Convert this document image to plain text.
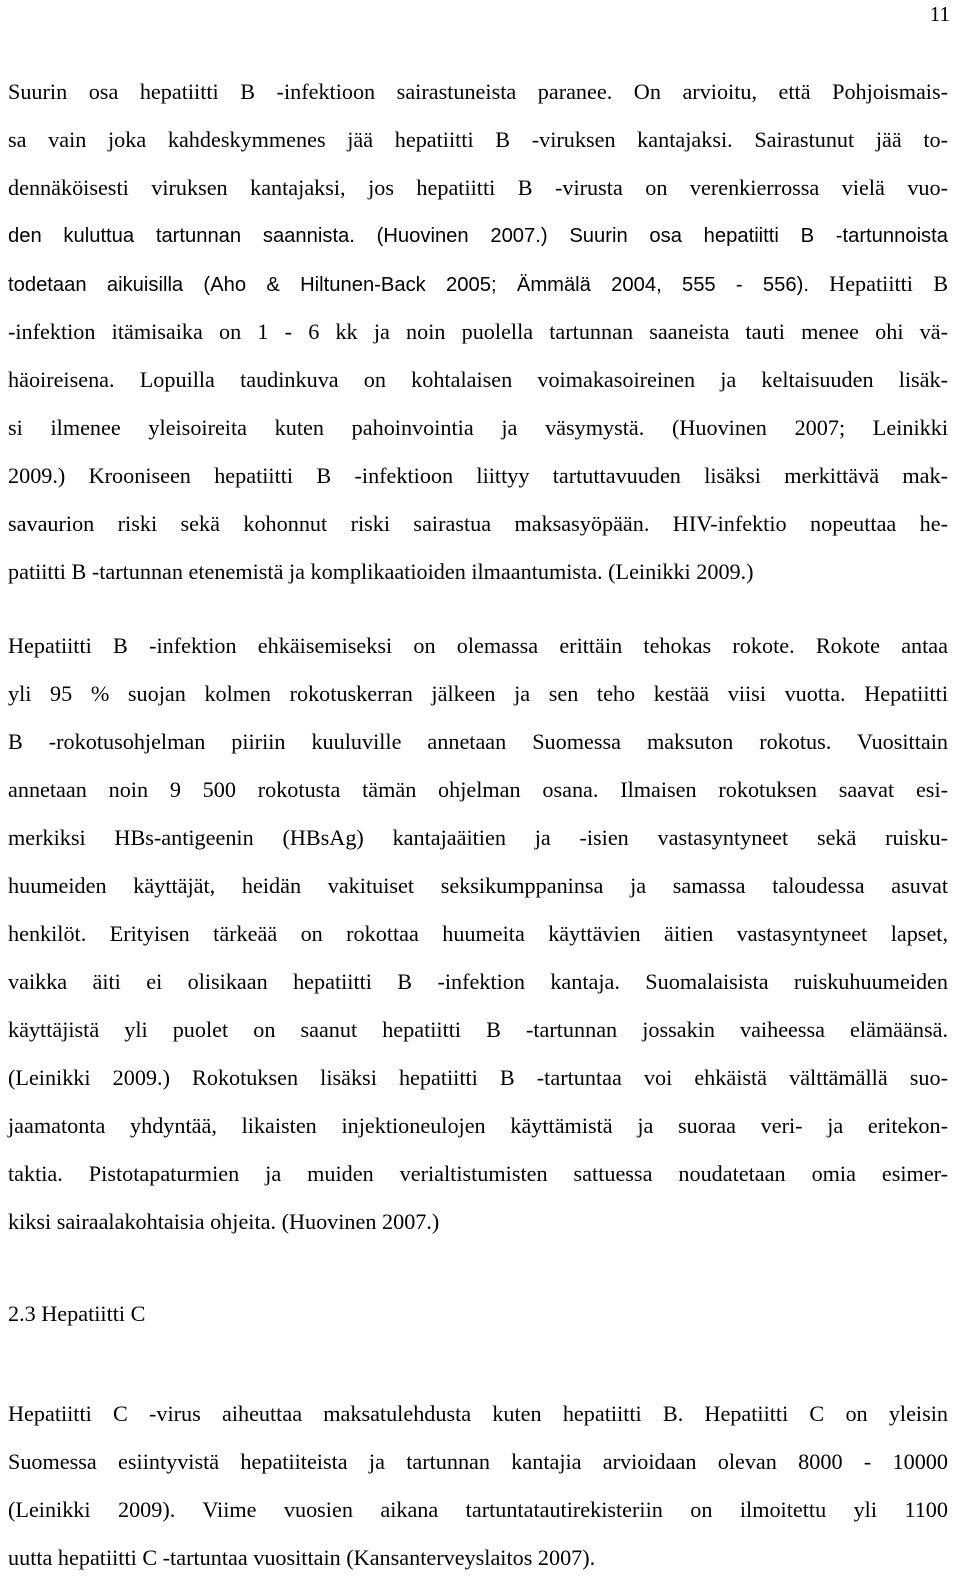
11
Suurin osa hepatiitti B -infektioon sairastuneista paranee. On arvioitu, että Pohjoismais-
sa vain joka kahdeskymmenes jää hepatiitti B -viruksen kantajaksi. Sairastunut jää to-
dennäköisesti viruksen kantajaksi, jos hepatiitti B -virusta on verenkierrossa vielä vuo-
den kuluttua tartunnan saannista. (Huovinen 2007.) Suurin osa hepatiitti B -tartunnoista
todetaan aikuisilla (Aho & Hiltunen-Back 2005; Ämmälä 2004, 555 - 556). Hepatiitti B
-infektion itämisaika on 1 - 6 kk ja noin puolella tartunnan saaneista tauti menee ohi vä-
häoireisena. Lopuilla taudinkuva on kohtalaisen voimakasoireinen ja keltaisuuden lisäk-
si ilmenee yleisoireita kuten pahoinvointia ja väsymystä. (Huovinen 2007; Leinikki
2009.) Krooniseen hepatiitti B -infektioon liittyy tartuttavuuden lisäksi merkittävä mak-
savaurion riski sekä kohonnut riski sairastua maksasyöpään. HIV-infektio nopeuttaa he-
patiitti B -tartunnan etenemistä ja komplikaatioiden ilmaantumista. (Leinikki 2009.)
Hepatiitti B -infektion ehkäisemiseksi on olemassa erittäin tehokas rokote. Rokote antaa
yli 95 % suojan kolmen rokotuskerran jälkeen ja sen teho kestää viisi vuotta. Hepatiitti
B -rokotusohjelman piiriin kuuluville annetaan Suomessa maksuton rokotus. Vuosittain
annetaan noin 9 500 rokotusta tämän ohjelman osana. Ilmaisen rokotuksen saavat esi-
merkiksi HBs-antigeenin (HBsAg) kantajaäitien ja -isien vastasyntyneet sekä ruisku-
huumeiden käyttäjät, heidän vakituiset seksikumppaninsa ja samassa taloudessa asuvat
henkilöt. Erityisen tärkeää on rokottaa huumeita käyttävien äitien vastasyntyneet lapset,
vaikka äiti ei olisikaan hepatiitti B -infektion kantaja. Suomalaisista ruiskuhuumeiden
käyttäjistä yli puolet on saanut hepatiitti B -tartunnan jossakin vaiheessa elämäänsä.
(Leinikki 2009.) Rokotuksen lisäksi hepatiitti B -tartuntaa voi ehkäistä välttämällä suo-
jaamatonta yhdyntää, likaisten injektioneulojen käyttämistä ja suoraa veri- ja eritekon-
taktia. Pistotapaturmien ja muiden verialtistumisten sattuessa noudatetaan omia esimer-
kiksi sairaalakohtaisia ohjeita. (Huovinen 2007.)
2.3 Hepatiitti C
Hepatiitti C -virus aiheuttaa maksatulehdusta kuten hepatiitti B. Hepatiitti C on yleisin
Suomessa esiintyvistä hepatiiteista ja tartunnan kantajia arvioidaan olevan 8000 - 10000
(Leinikki 2009). Viime vuosien aikana tartuntatautirekisteriin on ilmoitettu yli 1100
uutta hepatiitti C -tartuntaa vuosittain (Kansanterveyslaitos 2007).
